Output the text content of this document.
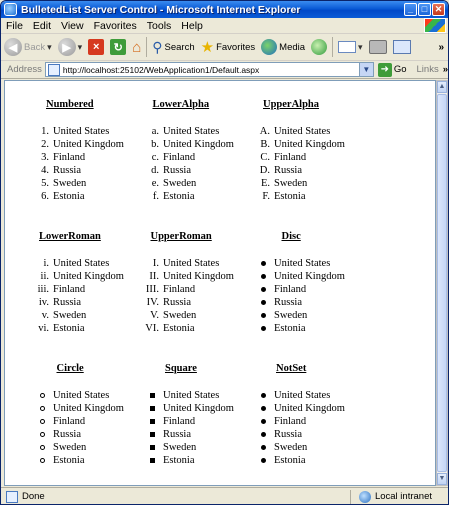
BulletedList Server Control - Microsoft Internet Explorer	_ □ ✕
File Edit View Favorites Tools Help
◀ Back ▾ ▶ ▾ ×	↻ ⌂ ⚲ Search ★ Favorites	Media	▾	»
Address http://localhost:25102/WebApplication1/Default.aspx	▼ ➜ Go Links »
Numbered
1. United States
2. United Kingdom
3. Finland
4. Russia
5. Sweden
6. Estonia
LowerAlpha
a. United States
b. United Kingdom
c. Finland
d. Russia
e. Sweden
f. Estonia
UpperAlpha
A. United States
B. United Kingdom
C. Finland
D. Russia
E. Sweden
F. Estonia
LowerRoman
i. United States
ii. United Kingdom
iii. Finland
iv. Russia
v. Sweden
vi. Estonia
UpperRoman
I. United States
II. United Kingdom
III. Finland
IV. Russia
V. Sweden
VI. Estonia
Disc
United States
United Kingdom
Finland
Russia
Sweden
Estonia
Circle
United States
United Kingdom
Finland
Russia
Sweden
Estonia
Square
United States
United Kingdom
Finland
Russia
Sweden
Estonia
NotSet
United States
United Kingdom
Finland
Russia
Sweden
Estonia
▲
▼
Done	Local intranet
